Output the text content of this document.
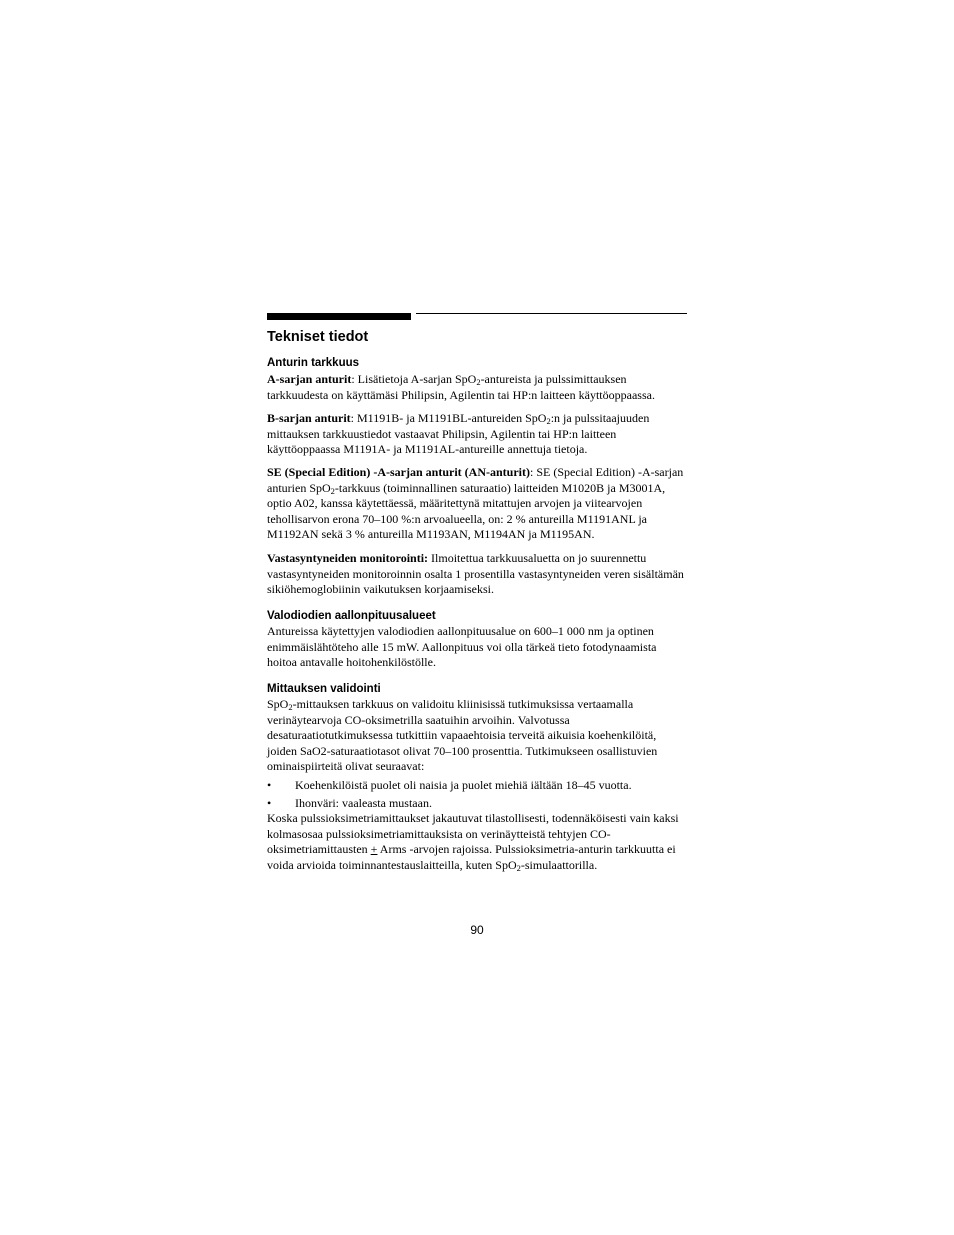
Tekniset tiedot
Anturin tarkkuus

A-sarjan anturit: Lisätietoja A-sarjan SpO$_2$-antureista ja pulssimittauksen tarkkuudesta on käyttämäsi Philipsin, Agilentin tai HP:n laitteen käyttöoppaassa.

B-sarjan anturit: M1191B- ja M1191BL-antureiden SpO$_2$:n ja pulssitaajuuden mittauksen tarkkuustiedot vastaavat Philipsin, Agilentin tai HP:n laitteen käyttöoppaassa M1191A- ja M1191AL-antureille annettuja tietoja.

SE (Special Edition) -A-sarjan anturit (AN-anturit): SE (Special Edition) -A-sarjan anturien SpO$_2$-tarkkuus (toiminnallinen saturaatio) laitteiden M1020B ja M3001A, optio A02, kanssa käytettäessä, määritettynä mitattujen arvojen ja viitearvojen tehollisarvon erona 70–100 %:n arvoalueella, on: 2 % antureilla M1191ANL ja M1192AN sekä 3 % antureilla M1193AN, M1194AN ja M1195AN.

Vastasyntyneiden monitorointi: Ilmoitettua tarkkuusaluetta on jo suurennettu vastasyntyneiden monitoroinnin osalta 1 prosentilla vastasyntyneiden veren sisältämän sikiöhemoglobiinin vaikutuksen korjaamiseksi.

Valodiodien aallonpituusalueet

Antureissa käytettyjen valodiodien aallonpituusalue on 600–1 000 nm ja optinen enimmäislähtöteho alle 15 mW. Aallonpituus voi olla tärkeä tieto fotodynaamista hoitoa antavalle hoitohenkilöstölle.

Mittauksen validointi

SpO$_2$-mittauksen tarkkuus on validoitu kliinisissä tutkimuksissa vertaamalla verinäytearvoja CO-oksimetrilla saatuihin arvoihin. Valvotussa desaturaatiotutkimuksessa tutkittiin vapaaehtoisia terveitä aikuisia koehenkilöitä, joiden SaO2-saturaatiotasot olivat 70–100 prosenttia. Tutkimukseen osallistuvien ominaispiirteitä olivat seuraavat:

• Koehenkilöistä puolet oli naisia ja puolet miehiä iältään 18–45 vuotta.
• Ihonväri: vaaleasta mustaan.

Koska pulssioksimetriamittaukset jakautuvat tilastollisesti, todennäköisesti vain kaksi kolmasosaa pulssioksimetriamittauksista on verinäytteistä tehtyjen CO-oksimetriamittausten + Arms -arvojen rajoissa. Pulssioksimetria-anturin tarkkuutta ei voida arvioida toiminnantestauslaitteilla, kuten SpO$_2$-simulaattorilla.

90
